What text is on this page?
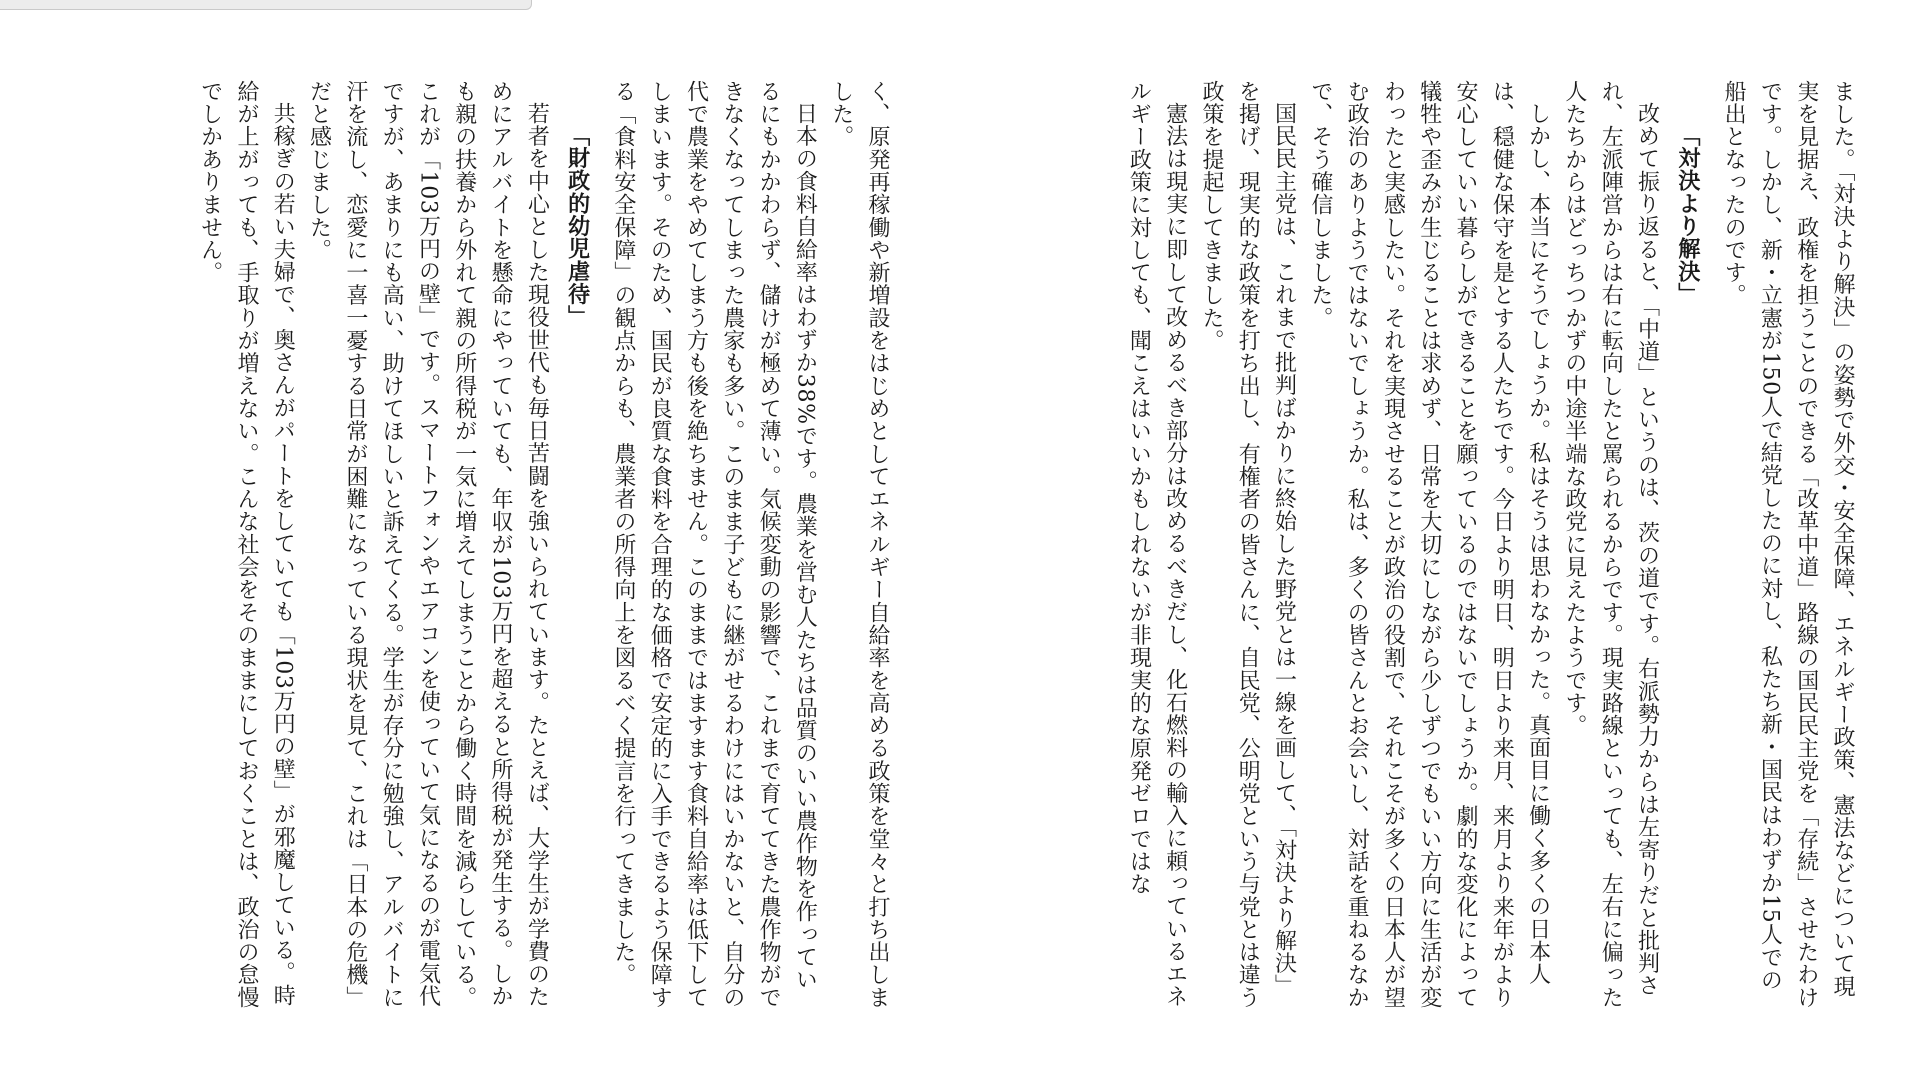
ました。「対決より解決」の姿勢で外交・安全保障、エネルギー政策、憲法などについて現実を見据え、政権を担うことのできる「改革中道」路線の国民民主党を「存続」させたわけです。しかし、新・立憲が150人で結党したのに対し、私たち新・国民はわずか15人での船出となったのです。

「対決より解決」

改めて振り返ると、「中道」というのは、茨の道です。右派勢力からは左寄りだと批判され、左派陣営からは右に転向したと罵られるからです。現実路線といっても、左右に偏った人たちからはどっちつかずの中途半端な政党に見えたようです。

しかし、本当にそうでしょうか。私はそうは思わなかった。真面目に働く多くの日本人は、穏健な保守を是とする人たちです。今日より明日、明日より来月、来月より来年がより安心していい暮らしができることを願っているのではないでしょうか。劇的な変化によって犠牲や歪みが生じることは求めず、日常を大切にしながら少しずつでもいい方向に生活が変わったと実感したい。それを実現させることが政治の役割で、それこそが多くの日本人が望む政治のありようではないでしょうか。私は、多くの皆さんとお会いし、対話を重ねるなかで、そう確信しました。

国民民主党は、これまで批判ばかりに終始した野党とは一線を画して、「対決より解決」を掲げ、現実的な政策を打ち出し、有権者の皆さんに、自民党、公明党という与党とは違う政策を提起してきました。

憲法は現実に即して改めるべき部分は改めるべきだし、化石燃料の輸入に頼っているエネルギー政策に対しても、聞こえはいいかもしれないが非現実的な原発ゼロではな

く、原発再稼働や新増設をはじめとしてエネルギー自給率を高める政策を堂々と打ち出しました。

日本の食料自給率はわずか38%です。農業を営む人たちは品質のいい農作物を作っているにもかかわらず、儲けが極めて薄い。気候変動の影響で、これまで育ててきた農作物ができなくなってしまった農家も多い。このまま子どもに継がせるわけにはいかないと、自分の代で農業をやめてしまう方も後を絶ちません。このままではますます食料自給率は低下してしまいます。そのため、国民が良質な食料を合理的な価格で安定的に入手できるよう保障する「食料安全保障」の観点からも、農業者の所得向上を図るべく提言を行ってきました。

「財政的幼児虐待」

若者を中心とした現役世代も毎日苦闘を強いられています。たとえば、大学生が学費のためにアルバイトを懸命にやっていても、年収が103万円を超えると所得税が発生する。しかも親の扶養から外れて親の所得税が一気に増えてしまうことから働く時間を減らしている。これが「103万円の壁」です。スマートフォンやエアコンを使っていて気になるのが電気代ですが、あまりにも高い、助けてほしいと訴えてくる。学生が存分に勉強し、アルバイトに汗を流し、恋愛に一喜一憂する日常が困難になっている現状を見て、これは「日本の危機」だと感じました。

共稼ぎの若い夫婦で、奥さんがパートをしていても「103万円の壁」が邪魔している。時給が上がっても、手取りが増えない。こんな社会をそのままにしておくことは、政治の怠慢でしかありません。
